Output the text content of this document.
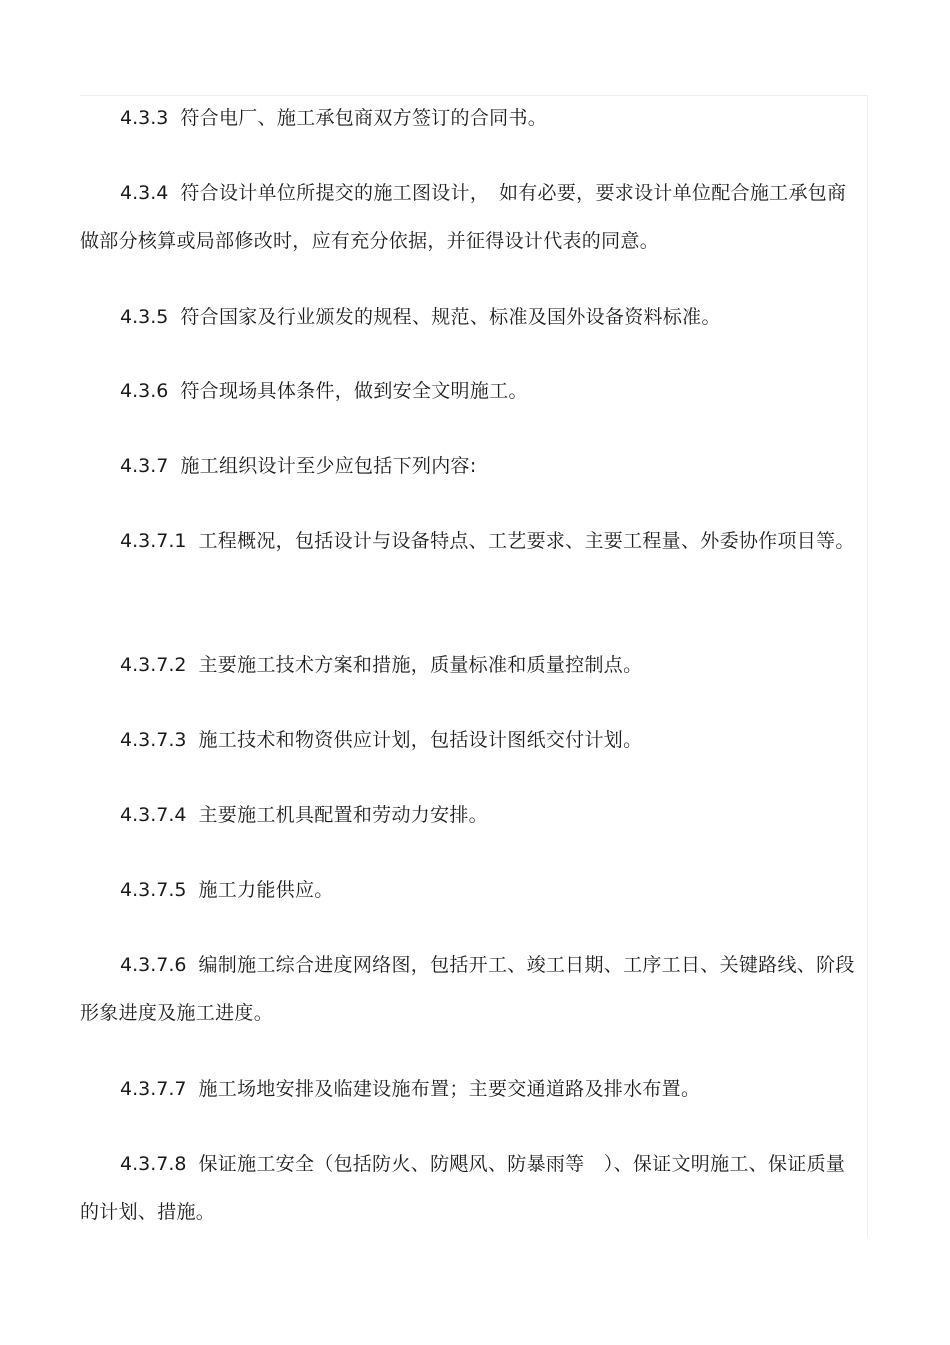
4.3.3 符合电厂、施工承包商双方签订的合同书。

4.3.4 符合设计单位所提交的施工图设计，　如有必要，要求设计单位配合施工承包商做部分核算或局部修改时，应有充分依据，并征得设计代表的同意。

4.3.5 符合国家及行业颁发的规程、规范、标准及国外设备资料标准。

4.3.6 符合现场具体条件，做到安全文明施工。

4.3.7 施工组织设计至少应包括下列内容:

4.3.7.1 工程概况，包括设计与设备特点、工艺要求、主要工程量、外委协作项目等。

4.3.7.2 主要施工技术方案和措施，质量标准和质量控制点。

4.3.7.3 施工技术和物资供应计划，包括设计图纸交付计划。

4.3.7.4 主要施工机具配置和劳动力安排。

4.3.7.5 施工力能供应。

4.3.7.6 编制施工综合进度网络图，包括开工、竣工日期、工序工日、关键路线、阶段形象进度及施工进度。

4.3.7.7 施工场地安排及临建设施布置；主要交通道路及排水布置。

4.3.7.8 保证施工安全（包括防火、防飓风、防暴雨等　）、保证文明施工、保证质量的计划、措施。
